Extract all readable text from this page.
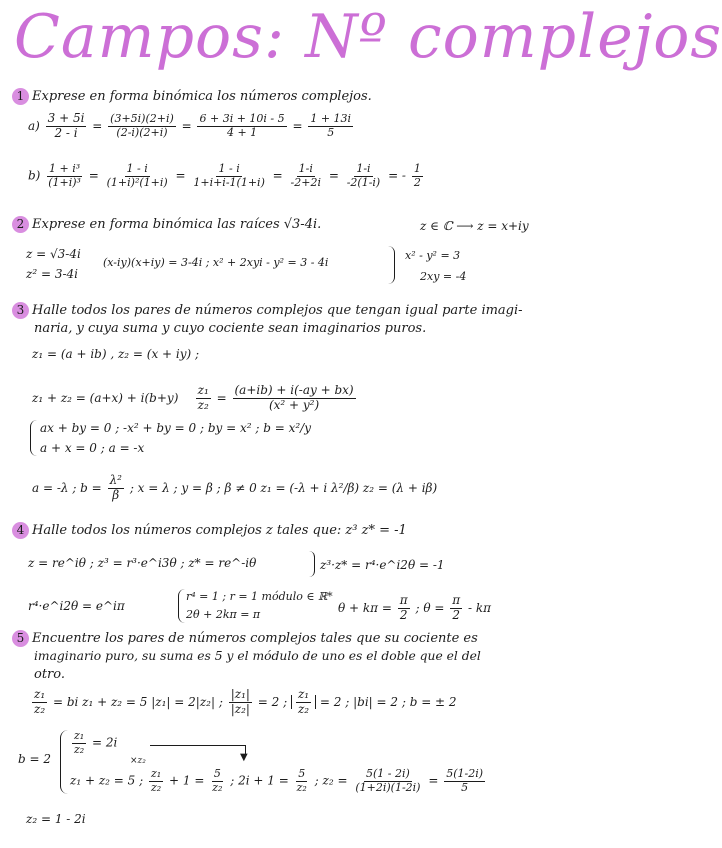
Campos: Nº complejos
1 Exprese en forma binómica los números complejos.
$a) \frac{3 + 5i}{2 - i} = \frac{(3+5i)(2+i)}{(2-i)(2+i)} = \frac{6 + 3i + 10i - 5}{4 + 1} = \frac{1 + 13i}{5}$
$b) \frac{\text{1 + i³}}{\text{(1+i)³}} = \frac{1 - i}{\text{(1+i)²(1+i)}} = \frac{1 - i}{1+i+i-1(1+i)} = \frac{1-i}{-2+2i} = \frac{1-i}{-2(1-i)}$ = - $\frac{1}{2}$
2 Exprese en forma binómica las raíces √3-4i.	z ∈ ℂ ⟶ z = x+iy
z = √3-4i
z² = 3-4i
(x-iy)(x+iy) = 3-4i ; x² + 2xyi - y² = 3 - 4i
x² - y² = 3
2xy = -4
3 Halle todos los pares de números complejos que tengan igual parte imagi-
naria, y cuya suma y cuyo cociente sean imaginarios puros.
z₁ = (a + ib) , z₂ = (x + iy) ;
$z_1 + z_2 = (a+x) + i(b+y) \frac{\text{z₁}}{\text{z₂}} = \frac{(a+ib) + i(-ay + bx)}{\text{(x² + y²)}}$
ax + by = 0 ; -x² + by = 0 ; by = x² ; b = x²/y
a + x = 0 ; a = -x
a = -λ ; $b = \frac{\text{λ²}}{\beta}$ ; x = λ ; y = β ; β ≠ 0 z₁ = (-λ + i λ²/β) z₂ = (λ + iβ)
4 Halle todos los números complejos z tales que: z³ z* = -1
z = re^iθ ; z³ = r³·e^i3θ ; z* = re^-iθ	z³·z* = r⁴·e^i2θ = -1
r⁴·e^i2θ = e^iπ
r⁴ = 1 ; r = 1 módulo ∈ ℝ*
2θ + 2kπ = π	$\theta + k\pi = \frac{\pi}{2}$ ; $\theta = \frac{\pi}{2} - k\pi$
5 Encuentre los pares de números complejos tales que su cociente es
imaginario puro, su suma es 5 y el módulo de uno es el doble que el del
otro.
$\frac{\text{z₁}}{\text{z₂}}$ = bi z₁ + z₂ = 5 |z₁| = 2|z₂| ; $\frac{\text{|z₁|}}{\text{|z₂|}} = 2$ ; $\frac{\text{z₁}}{\text{z₂}} = 2$ ; |bi| = 2 ; b = ± 2
b = 2
$\frac{\text{z₁}}{\text{z₂}} = 2i$
▼
×z₂
z₁ + z₂ = 5 ; $\frac{\text{z₁}}{\text{z₂}} + 1 = \frac{5}{\text{z₂}}$ ; $2i + 1 = \frac{5}{\text{z₂}}$ ; $z_2 = \frac{5(1 - 2i)}{(1+2i)(1-2i)} = \frac{5(1-2i)}{5}$
z₂ = 1 - 2i
